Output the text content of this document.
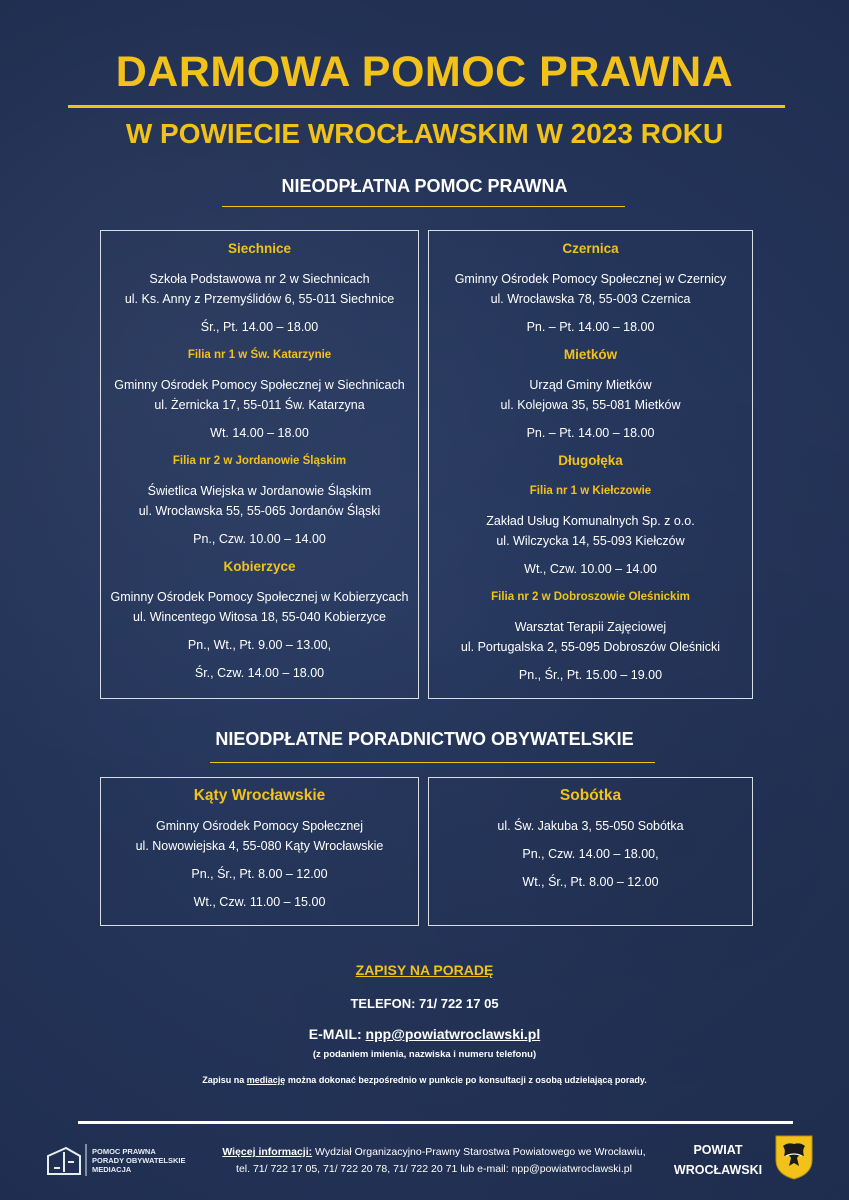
DARMOWA POMOC PRAWNA
W POWIECIE WROCŁAWSKIM W 2023 ROKU
NIEODPŁATNA POMOC PRAWNA
Siechnice
Szkoła Podstawowa nr 2 w Siechnicach
ul. Ks. Anny z Przemyślidów 6, 55-011 Siechnice
Śr., Pt. 14.00 – 18.00
Filia nr 1 w Św. Katarzynie
Gminny Ośrodek Pomocy Społecznej w Siechnicach
ul. Żernicka 17, 55-011 Św. Katarzyna
Wt. 14.00 – 18.00
Filia nr 2 w Jordanowie Śląskim
Świetlica Wiejska w Jordanowie Śląskim
ul. Wrocławska 55, 55-065 Jordanów Śląski
Pn., Czw. 10.00 – 14.00
Kobierzyce
Gminny Ośrodek Pomocy Społecznej w Kobierzycach
ul. Wincentego Witosa 18, 55-040 Kobierzyce
Pn., Wt., Pt. 9.00 – 13.00,
Śr., Czw. 14.00 – 18.00
Czernica
Gminny Ośrodek Pomocy Społecznej w Czernicy
ul. Wrocławska 78, 55-003 Czernica
Pn. – Pt. 14.00 – 18.00
Mietków
Urząd Gminy Mietków
ul. Kolejowa 35, 55-081 Mietków
Pn. – Pt. 14.00 – 18.00
Długołęka
Filia nr 1 w Kiełczowie
Zakład Usług Komunalnych Sp. z o.o.
ul. Wilczycka 14, 55-093 Kiełczów
Wt., Czw. 10.00 – 14.00
Filia nr 2 w Dobroszowie Oleśnickim
Warsztat Terapii Zajęciowej
ul. Portugalska 2, 55-095 Dobroszów Oleśnicki
Pn., Śr., Pt. 15.00 – 19.00
NIEODPŁATNE PORADNICTWO OBYWATELSKIE
Kąty Wrocławskie
Gminny Ośrodek Pomocy Społecznej
ul. Nowowiejska 4, 55-080 Kąty Wrocławskie
Pn., Śr., Pt. 8.00 – 12.00
Wt., Czw. 11.00 – 15.00
Sobótka
ul. Św. Jakuba 3, 55-050 Sobótka
Pn., Czw. 14.00 – 18.00,
Wt., Śr., Pt. 8.00 – 12.00
ZAPISY NA PORADĘ
TELEFON: 71/ 722 17 05
E-MAIL: npp@powiatwroclawski.pl
(z podaniem imienia, nazwiska i numeru telefonu)
Zapisu na mediację można dokonać bezpośrednio w punkcie po konsultacji z osobą udzielającą porady.
POMOC PRAWNA
PORADY OBYWATELSKIE
MEDIACJA
Więcej informacji: Wydział Organizacyjno-Prawny Starostwa Powiatowego we Wrocławiu,
tel. 71/ 722 17 05, 71/ 722 20 78, 71/ 722 20 71 lub e-mail: npp@powiatwroclawski.pl
POWIAT
WROCŁAWSKI
